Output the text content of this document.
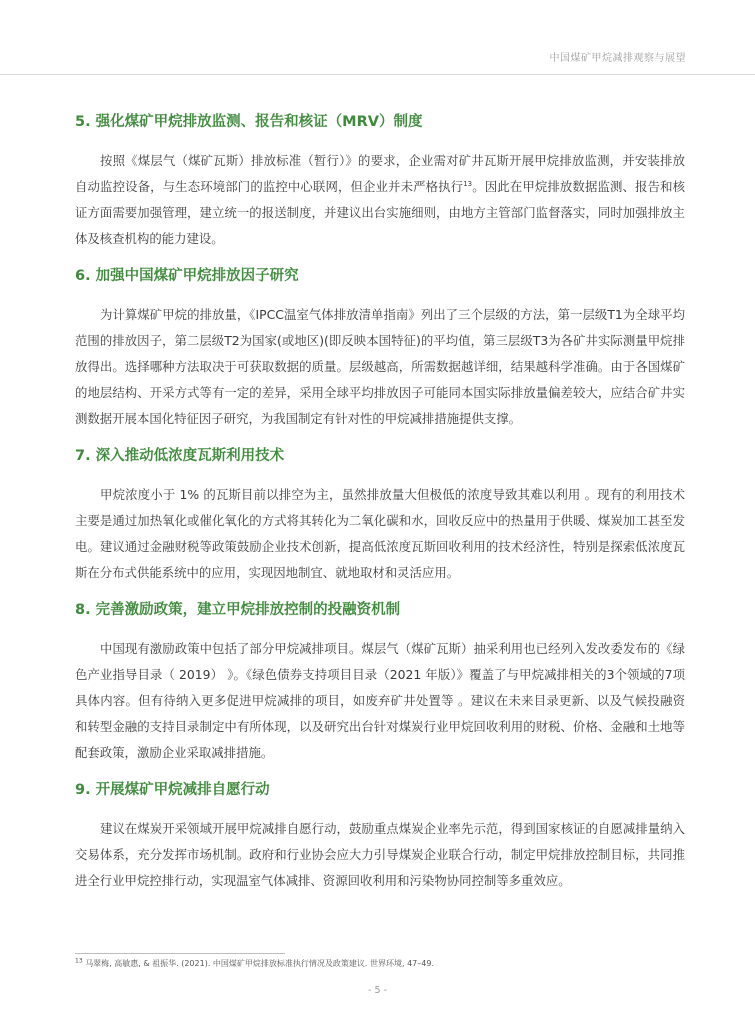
中国煤矿甲烷减排观察与展望
5. 强化煤矿甲烷排放监测、报告和核证（MRV）制度

按照《煤层气（煤矿瓦斯）排放标准（暂行）》的要求，企业需对矿井瓦斯开展甲烷排放监测，并安装排放自动监控设备，与生态环境部门的监控中心联网，但企业并未严格执行$^{13}$。因此在甲烷排放数据监测、报告和核证方面需要加强管理，建立统一的报送制度，并建议出台实施细则，由地方主管部门监督落实，同时加强排放主体及核查机构的能力建设。

6. 加强中国煤矿甲烷排放因子研究

为计算煤矿甲烷的排放量，《IPCC温室气体排放清单指南》列出了三个层级的方法，第一层级T1为全球平均范围的排放因子，第二层级T2为国家(或地区)(即反映本国特征)的平均值，第三层级T3为各矿井实际测量甲烷排放得出。选择哪种方法取决于可获取数据的质量。层级越高，所需数据越详细，结果越科学准确。由于各国煤矿的地层结构、开采方式等有一定的差异，采用全球平均排放因子可能同本国实际排放量偏差较大，应结合矿井实测数据开展本国化特征因子研究，为我国制定有针对性的甲烷减排措施提供支撑。

7. 深入推动低浓度瓦斯利用技术

甲烷浓度小于 1% 的瓦斯目前以排空为主，虽然排放量大但极低的浓度导致其难以利用 。现有的利用技术主要是通过加热氧化或催化氧化的方式将其转化为二氧化碳和水，回收反应中的热量用于供暖、煤炭加工甚至发电。建议通过金融财税等政策鼓励企业技术创新，提高低浓度瓦斯回收利用的技术经济性，特别是探索低浓度瓦斯在分布式供能系统中的应用，实现因地制宜、就地取材和灵活应用。

8. 完善激励政策，建立甲烷排放控制的投融资机制

中国现有激励政策中包括了部分甲烷减排项目。煤层气（煤矿瓦斯）抽采利用也已经列入发改委发布的《绿色产业指导目录（ 2019） 》。《绿色债券支持项目目录（2021 年版）》覆盖了与甲烷减排相关的3个领域的7项具体内容。但有待纳入更多促进甲烷减排的项目，如废弃矿井处置等 。建议在未来目录更新、以及气候投融资和转型金融的支持目录制定中有所体现，以及研究出台针对煤炭行业甲烷回收利用的财税、价格、金融和土地等配套政策，激励企业采取减排措施。

9. 开展煤矿甲烷减排自愿行动

建议在煤炭开采领域开展甲烷减排自愿行动，鼓励重点煤炭企业率先示范，得到国家核证的自愿减排量纳入交易体系，充分发挥市场机制。政府和行业协会应大力引导煤炭企业联合行动，制定甲烷排放控制目标，共同推进全行业甲烷控排行动，实现温室气体减排、资源回收利用和污染物协同控制等多重效应。

$^{13}$ 马翠梅, 高敏惠, & 祖振华. (2021). 中国煤矿甲烷排放标准执行情况及政策建议. 世界环境, 47–49.
- 5 -
